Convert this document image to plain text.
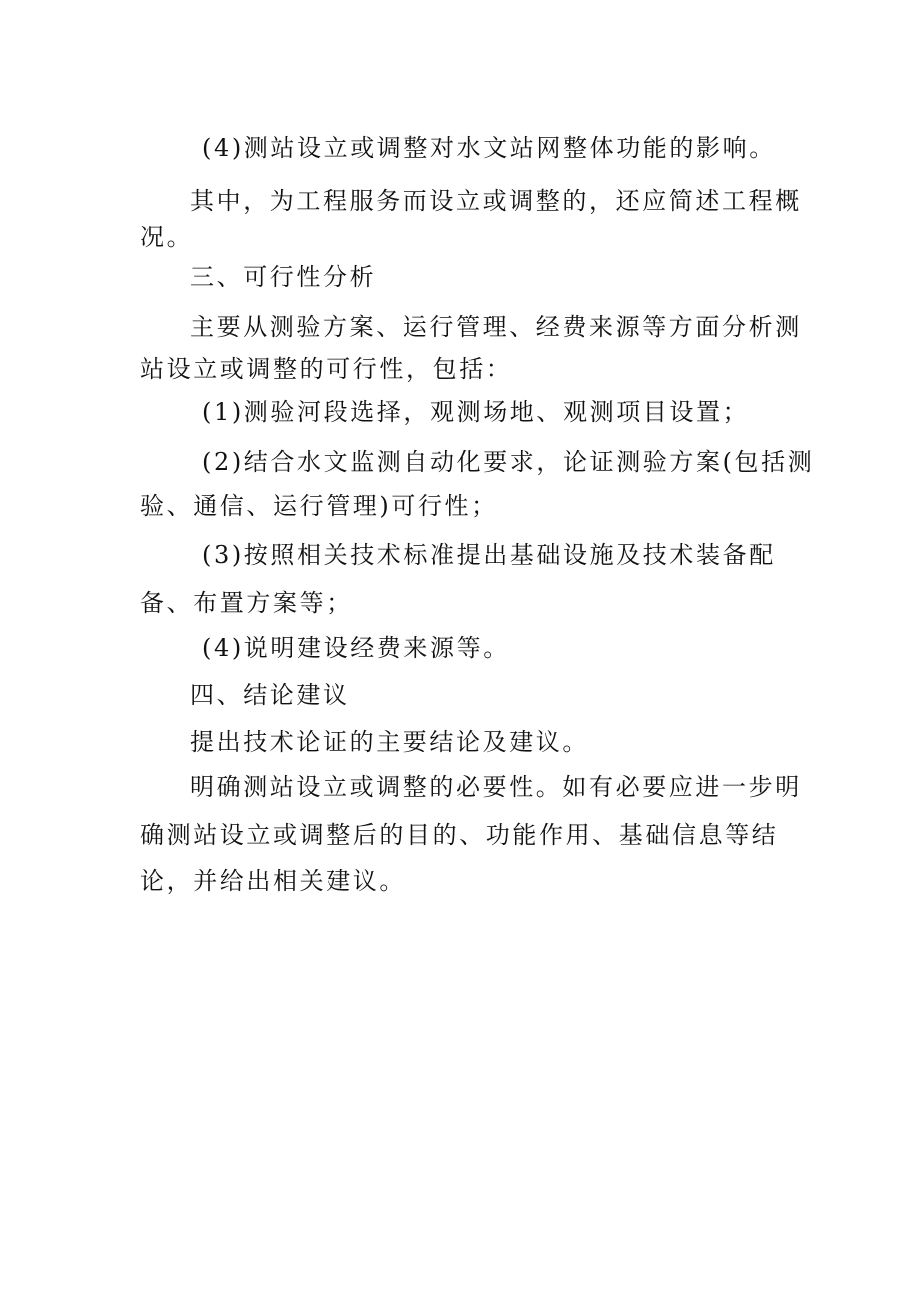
(4)测站设立或调整对水文站网整体功能的影响。
其中，为工程服务而设立或调整的，还应简述工程概
况。
三、可行性分析
主要从测验方案、运行管理、经费来源等方面分析测
站设立或调整的可行性，包括：
(1)测验河段选择，观测场地、观测项目设置；
(2)结合水文监测自动化要求，论证测验方案(包括测
验、通信、运行管理)可行性；
(3)按照相关技术标准提出基础设施及技术装备配
备、布置方案等；
(4)说明建设经费来源等。
四、结论建议
提出技术论证的主要结论及建议。
明确测站设立或调整的必要性。如有必要应进一步明
确测站设立或调整后的目的、功能作用、基础信息等结
论，并给出相关建议。
